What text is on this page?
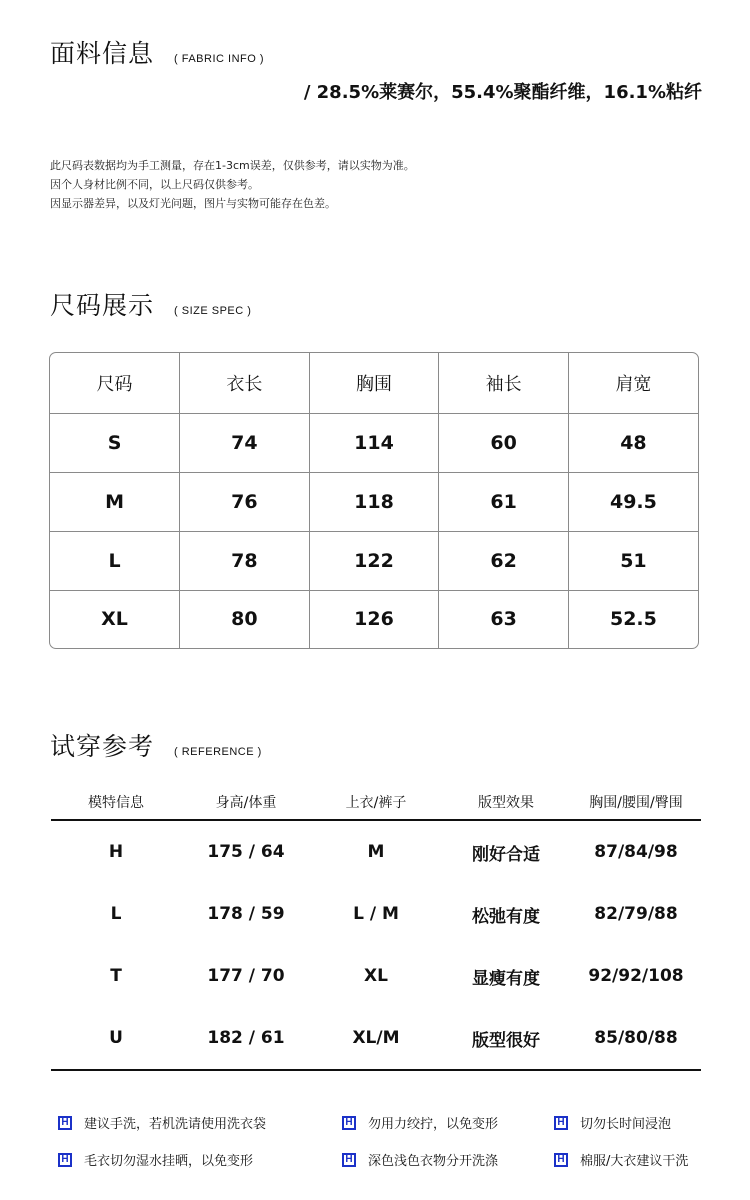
面料信息 ( FABRIC INFO )
/ 28.5%莱赛尔，55.4%聚酯纤维，16.1%粘纤
此尺码表数据均为手工测量，存在1-3cm误差，仅供参考，请以实物为准。
因个人身材比例不同，以上尺码仅供参考。
因显示器差异，以及灯光问题，图片与实物可能存在色差。
尺码展示 ( SIZE SPEC )
尺码	衣长	胸围	袖长	肩宽
S	74	114	60	48
M	76	118	61	49.5
L	78	122	62	51
XL	80	126	63	52.5
试穿参考 ( REFERENCE )
模特信息	身高/体重	上衣/裤子	版型效果	胸围/腰围/臀围
H	175 / 64	M	刚好合适	87/84/98
L	178 / 59	L / M	松弛有度	82/79/88
T	177 / 70	XL	显瘦有度	92/92/108
U	182 / 61	XL/M	版型很好	85/80/88
H 建议手洗，若机洗请使用洗衣袋	H 勿用力绞拧，以免变形	H 切勿长时间浸泡
H 毛衣切勿湿水挂晒，以免变形	H 深色浅色衣物分开洗涤	H 棉服/大衣建议干洗
